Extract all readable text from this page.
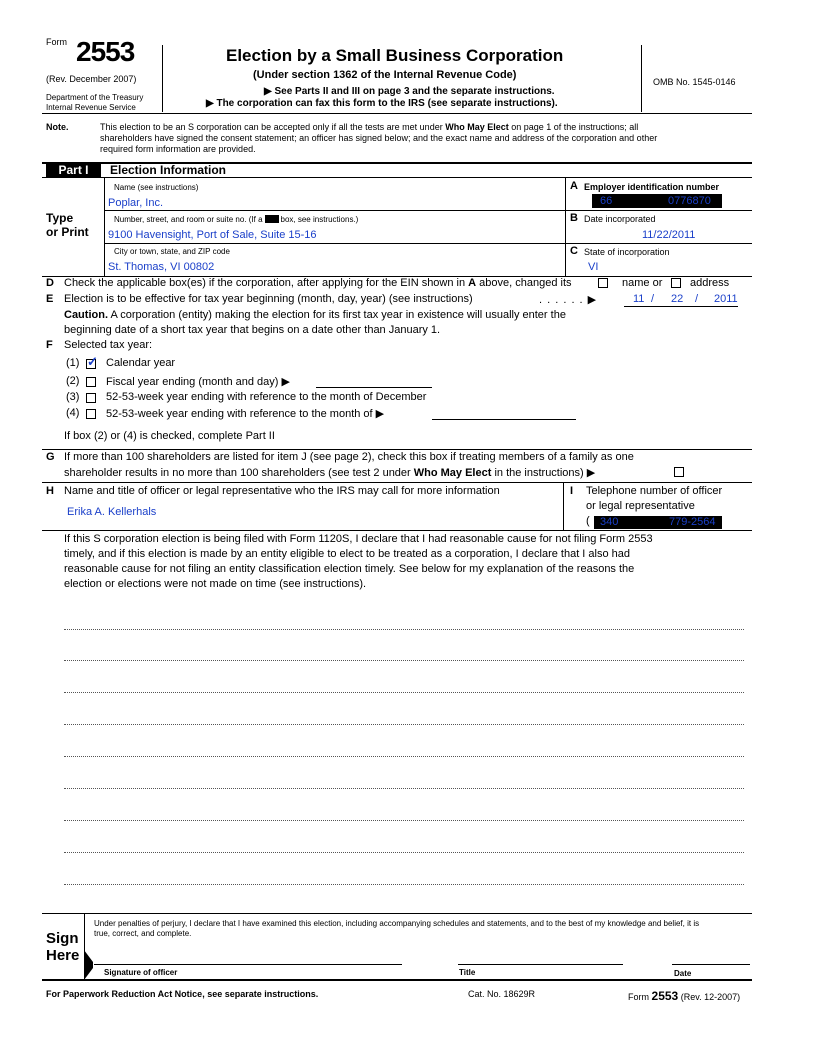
Form 2553
(Rev. December 2007)
Department of the Treasury
Internal Revenue Service
Election by a Small Business Corporation
(Under section 1362 of the Internal Revenue Code)
▶ See Parts II and III on page 3 and the separate instructions.
▶ The corporation can fax this form to the IRS (see separate instructions).
OMB No. 1545-0146
Note.	This election to be an S corporation can be accepted only if all the tests are met under Who May Elect on page 1 of the instructions; all
shareholders have signed the consent statement; an officer has signed below; and the exact name and address of the corporation and other
required form information are provided.
Part I	Election Information
Type
or Print
Name (see instructions)
Poplar, Inc.
Number, street, and room or suite no. (If a box, see instructions.)
9100 Havensight, Port of Sale, Suite 15-16
City or town, state, and ZIP code
St. Thomas, VI 00802
A Employer identification number
66	0776870
B Date incorporated
11/22/2011
C State of incorporation
VI
D Check the applicable box(es) if the corporation, after applying for the EIN shown in A above, changed its	name or	address
E Election is to be effective for tax year beginning (month, day, year) (see instructions)	. . . . . . ▶	11 / 22 / 2011
Caution. A corporation (entity) making the election for its first tax year in existence will usually enter the
beginning date of a short tax year that begins on a date other than January 1.
F Selected tax year:
(1) ✓ Calendar year
(2) Fiscal year ending (month and day) ▶
(3) 52-53-week year ending with reference to the month of December
(4) 52-53-week year ending with reference to the month of ▶
If box (2) or (4) is checked, complete Part II
G If more than 100 shareholders are listed for item J (see page 2), check this box if treating members of a family as one
shareholder results in no more than 100 shareholders (see test 2 under Who May Elect in the instructions) ▶
H Name and title of officer or legal representative who the IRS may call for more information
Erika A. Kellerhals
I Telephone number of officer
or legal representative
( 340	779-2564
If this S corporation election is being filed with Form 1120S, I declare that I had reasonable cause for not filing Form 2553
timely, and if this election is made by an entity eligible to elect to be treated as a corporation, I declare that I also had
reasonable cause for not filing an entity classification election timely. See below for my explanation of the reasons the
election or elections were not made on time (see instructions).
Sign
Here
Under penalties of perjury, I declare that I have examined this election, including accompanying schedules and statements, and to the best of my knowledge and belief, it is
true, correct, and complete.
Signature of officer	Title	Date
For Paperwork Reduction Act Notice, see separate instructions.	Cat. No. 18629R	Form 2553 (Rev. 12-2007)
